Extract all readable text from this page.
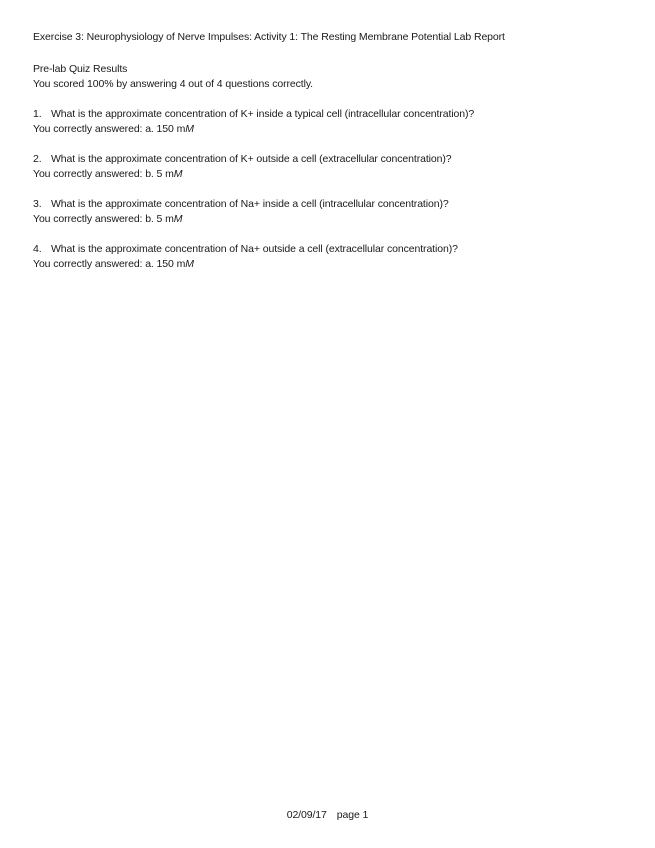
Exercise 3: Neurophysiology of Nerve Impulses: Activity 1: The Resting Membrane Potential Lab Report
Pre-lab Quiz Results
You scored 100% by answering 4 out of 4 questions correctly.
1. What is the approximate concentration of K+ inside a typical cell (intracellular concentration)?
You correctly answered: a. 150 mM
2. What is the approximate concentration of K+ outside a cell (extracellular concentration)?
You correctly answered: b. 5 mM
3. What is the approximate concentration of Na+ inside a cell (intracellular concentration)?
You correctly answered: b. 5 mM
4. What is the approximate concentration of Na+ outside a cell (extracellular concentration)?
You correctly answered: a. 150 mM
02/09/17 page 1
